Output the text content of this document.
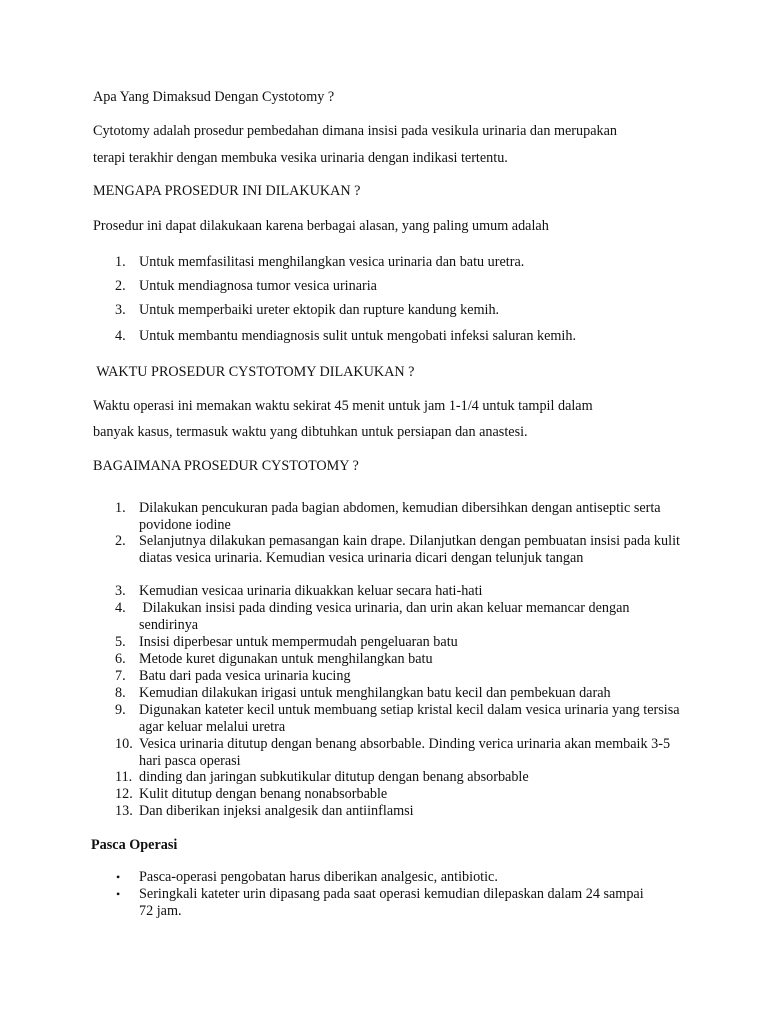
Apa Yang Dimaksud Dengan Cystotomy ?
Cytotomy adalah prosedur pembedahan dimana insisi pada vesikula urinaria dan merupakan
terapi terakhir dengan membuka vesika urinaria dengan indikasi tertentu.
MENGAPA PROSEDUR INI DILAKUKAN ?
Prosedur ini dapat dilakukaan karena berbagai alasan, yang paling umum adalah
1. Untuk memfasilitasi menghilangkan vesica urinaria dan batu uretra.
2. Untuk mendiagnosa tumor vesica urinaria
3. Untuk memperbaiki ureter ektopik dan rupture kandung kemih.
4. Untuk membantu mendiagnosis sulit untuk mengobati infeksi saluran kemih.
WAKTU PROSEDUR CYSTOTOMY DILAKUKAN ?
Waktu operasi ini memakan waktu sekirat 45 menit untuk jam 1-1/4 untuk tampil dalam
banyak kasus, termasuk waktu yang dibtuhkan untuk persiapan dan anastesi.
BAGAIMANA PROSEDUR CYSTOTOMY ?
1. Dilakukan pencukuran pada bagian abdomen, kemudian dibersihkan dengan antiseptic serta povidone iodine
2. Selanjutnya dilakukan pemasangan kain drape. Dilanjutkan dengan pembuatan insisi pada kulit diatas vesica urinaria. Kemudian vesica urinaria dicari dengan telunjuk tangan
3. Kemudian vesicaa urinaria dikuakkan keluar secara hati-hati
4. Dilakukan insisi pada dinding vesica urinaria, dan urin akan keluar memancar dengan sendirinya
5. Insisi diperbesar untuk mempermudah pengeluaran batu
6. Metode kuret digunakan untuk menghilangkan batu
7. Batu dari pada vesica urinaria kucing
8. Kemudian dilakukan irigasi untuk menghilangkan batu kecil dan pembekuan darah
9. Digunakan kateter kecil untuk membuang setiap kristal kecil dalam vesica urinaria yang tersisa agar keluar melalui uretra
10. Vesica urinaria ditutup dengan benang absorbable. Dinding verica urinaria akan membaik 3-5 hari pasca operasi
11. dinding dan jaringan subkutikular ditutup dengan benang absorbable
12. Kulit ditutup dengan benang nonabsorbable
13. Dan diberikan injeksi analgesik dan antiinflamsi
Pasca Operasi
• Pasca-operasi pengobatan harus diberikan analgesic, antibiotic.
• Seringkali kateter urin dipasang pada saat operasi kemudian dilepaskan dalam 24 sampai 72 jam.
